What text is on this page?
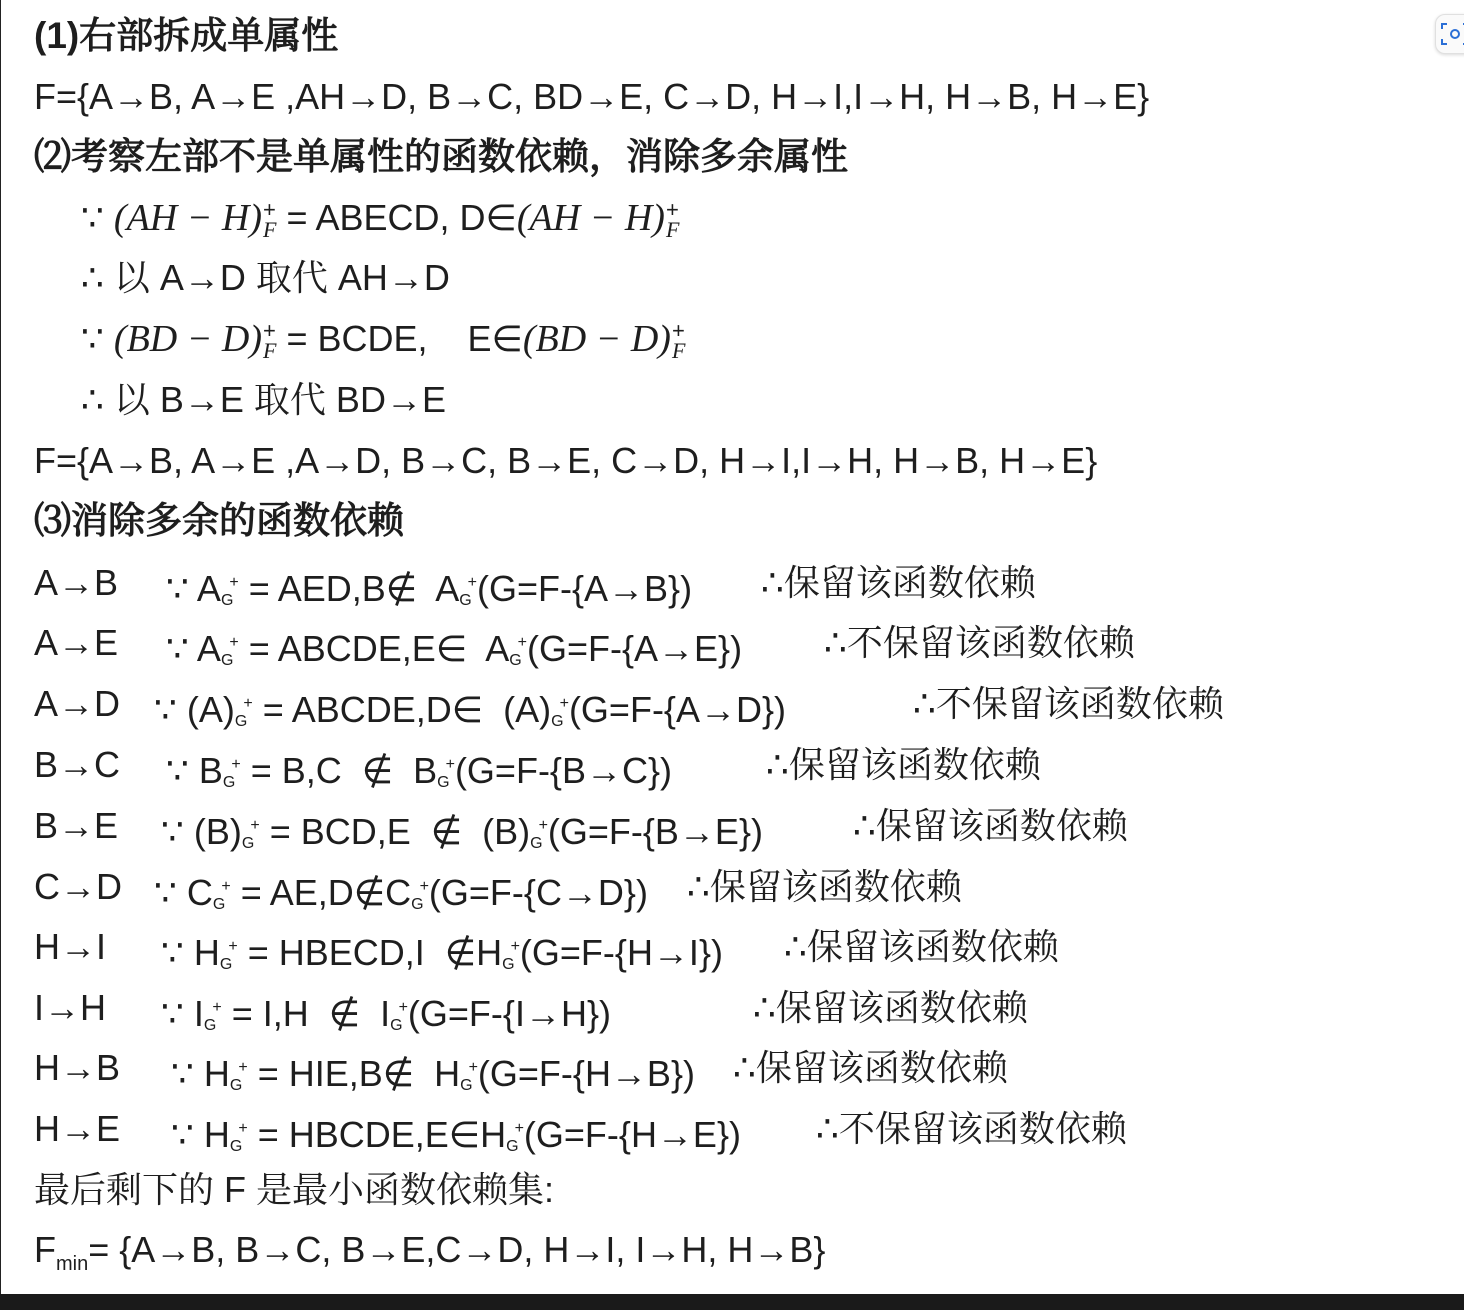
(1)右部拆成单属性
F={A→B, A→E ,AH→D, B→C, BD→E, C→D, H→I,I→H, H→B, H→E}
⑵考察左部不是单属性的函数依赖，消除多余属性
∵ (AH − H) +
F = ABECD, D∈(AH − H) +
F
∴ 以 A→D 取代 AH→D
∵ (BD − D) +
F = BCDE,    E∈(BD − D) +
F
∴ 以 B→E 取代 BD→E
F={A→B, A→E ,A→D, B→C, B→E, C→D, H→I,I→H, H→B, H→E}
⑶消除多余的函数依赖
A→B ∵ $A_G^+$ = AED,B∉  $A_G^+(G=F-\{A\to B\})$ ∴保留该函数依赖
A→E ∵ $A_G^+$ = ABCDE,E∈  $A_G^+(G=F-\{A\to E\})$ ∴不保留该函数依赖
A→D ∵ $(A)_G^+$ = ABCDE,D∈  $(A)_G^+(G=F-\{A\to D\})$	∴不保留该函数依赖
B→C ∵ $B_G^+ = B,C$  ∉  $B_G^+(G=F-\{B\to C\})$	∴保留该函数依赖
B→E ∵ $(B)_G^+ = BCD,E$  ∉  $(B)_G^+(G=F-\{B\to E\})$	∴保留该函数依赖
C→D ∵ $C_G^+$ = $AE,D\notin C_G^+(G=F-\{C\to D\})$ ∴保留该函数依赖
H→I ∵ $H_G^+$ = HBECD,I  $\notin H_G^+(G=F-\{H\to I\})$ ∴保留该函数依赖
I→H ∵ $I_G^+ = I,H$  ∉  $I_G^+(G=F-\{I\to H\})$	∴保留该函数依赖
H→B ∵ $H_G^+$ = HIE,B∉  $H_G^+(G=F-\{H\to B\})$ ∴保留该函数依赖
H→E ∵ $H_G^+$ = $HBCDE,E\in H_G^+(G=F-\{H\to E\})$ ∴不保留该函数依赖
最后剩下的 F 是最小函数依赖集:
$F_{min}= \{A\to B$, B→C, B→E,C→D, H→I, I→H, H→B}
